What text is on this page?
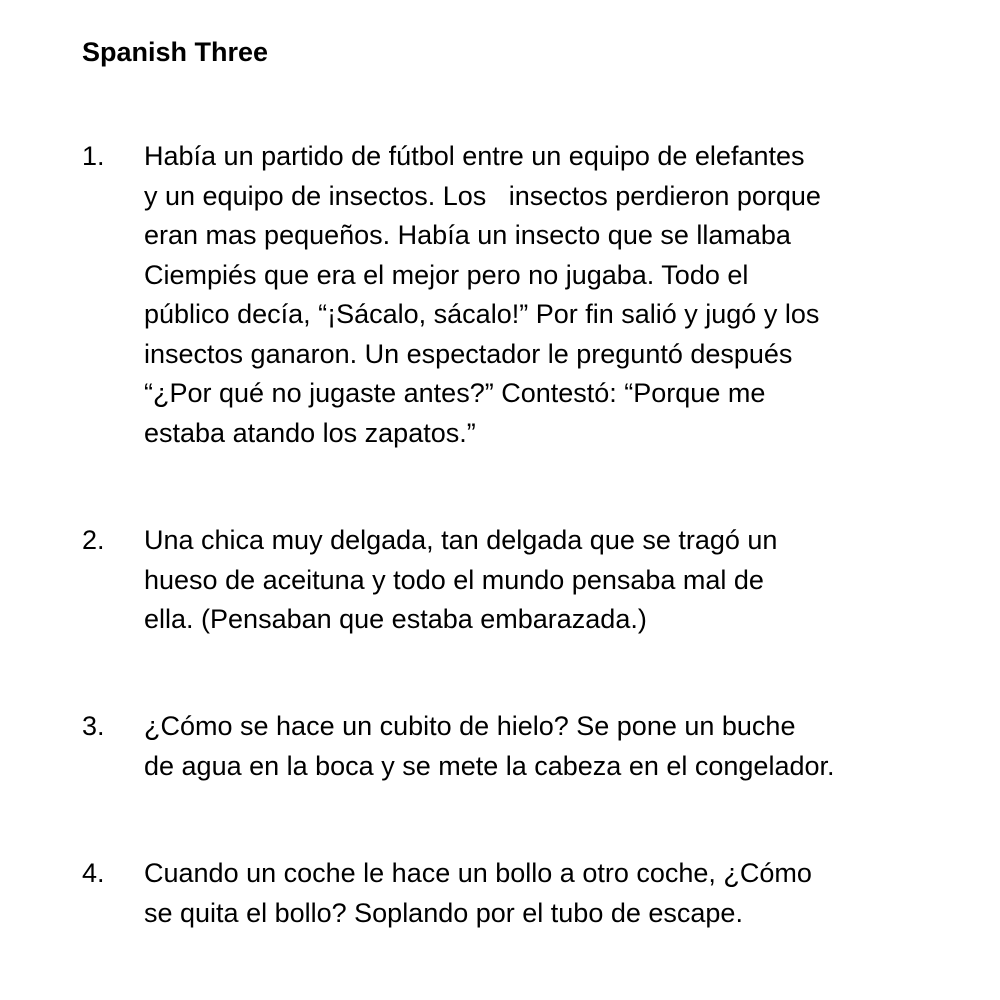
Spanish Three
1. Había un partido de fútbol entre un equipo de elefantes
y un equipo de insectos. Los   insectos perdieron porque
eran mas pequeños. Había un insecto que se llamaba
Ciempiés que era el mejor pero no jugaba. Todo el
público decía, “¡Sácalo, sácalo!” Por fin salió y jugó y los
insectos ganaron. Un espectador le preguntó después
“¿Por qué no jugaste antes?” Contestó: “Porque me
estaba atando los zapatos.”
2. Una chica muy delgada, tan delgada que se tragó un
hueso de aceituna y todo el mundo pensaba mal de
ella. (Pensaban que estaba embarazada.)
3. ¿Cómo se hace un cubito de hielo? Se pone un buche
de agua en la boca y se mete la cabeza en el congelador.
4. Cuando un coche le hace un bollo a otro coche, ¿Cómo
se quita el bollo? Soplando por el tubo de escape.
